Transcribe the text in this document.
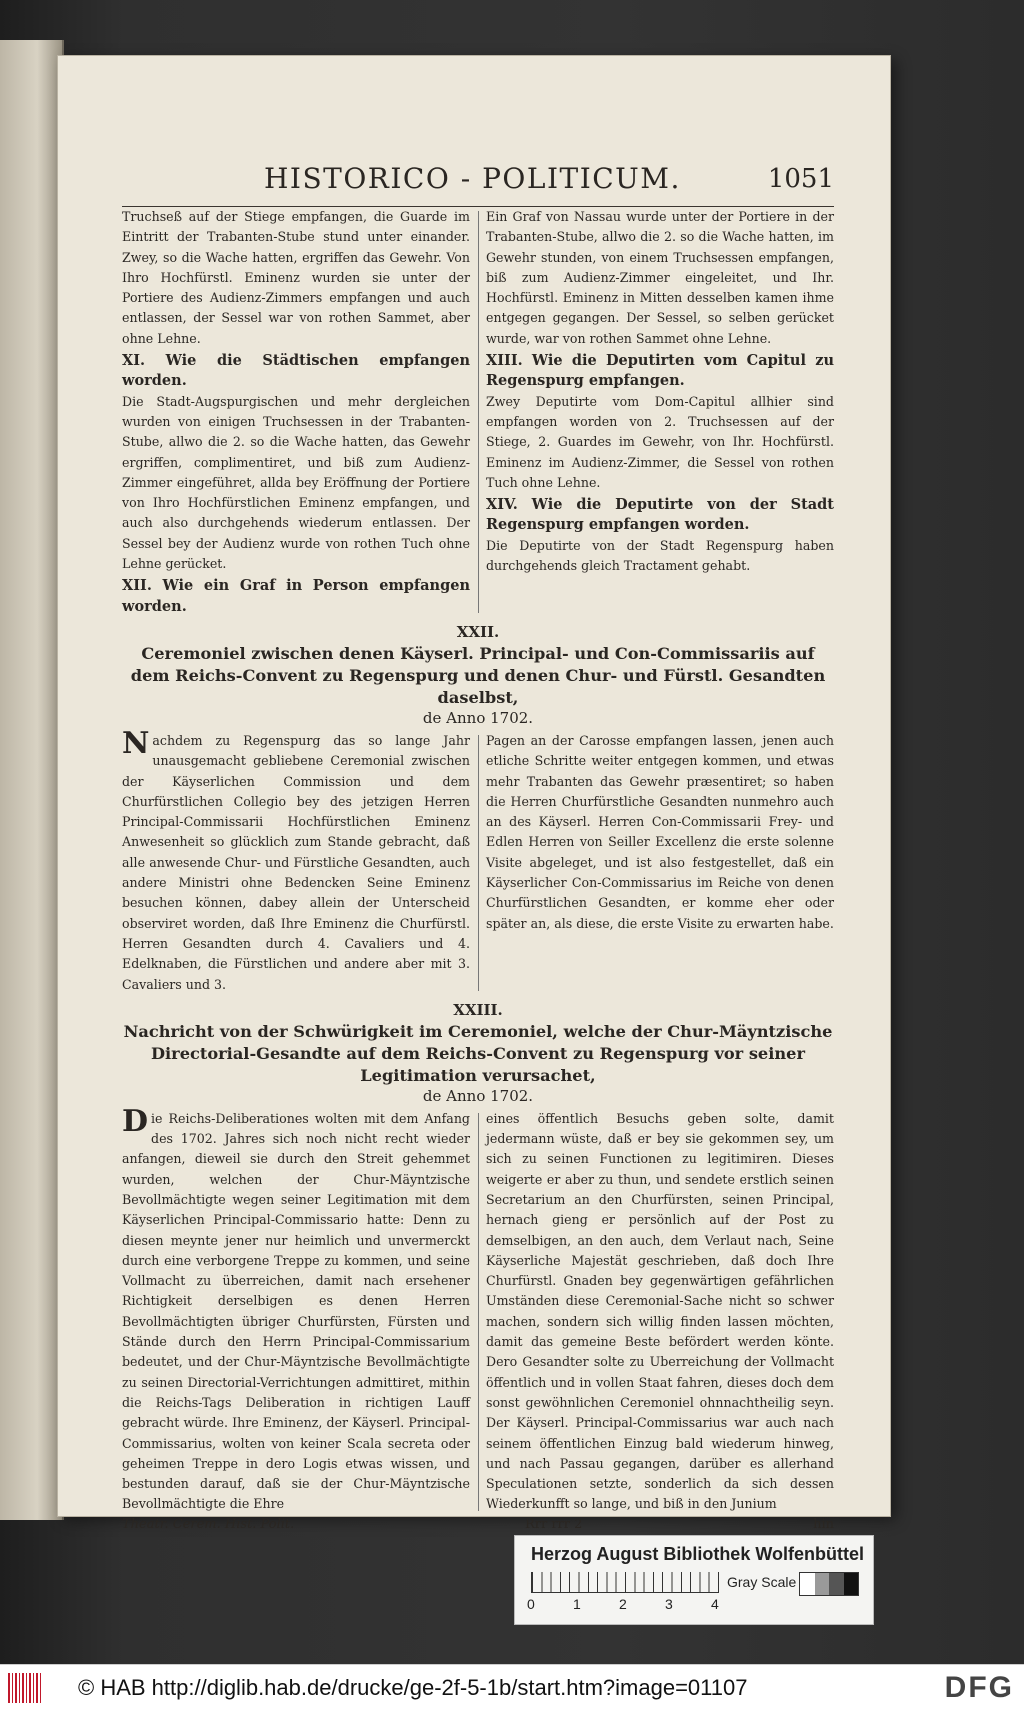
HISTORICO - POLITICUM.	1051

Truchseß auf der Stiege empfangen, die Guarde im Eintritt der Trabanten-Stube stund unter einander. Zwey, so die Wache hatten, ergriffen das Gewehr. Von Ihro Hochfürstl. Eminenz wurden sie unter der Portiere des Audienz-Zimmers empfangen und auch entlassen, der Sessel war von rothen Sammet, aber ohne Lehne.

XI. Wie die Städtischen empfangen worden.

Die Stadt-Augspurgischen und mehr dergleichen wurden von einigen Truchsessen in der Trabanten-Stube, allwo die 2. so die Wache hatten, das Gewehr ergriffen, complimentiret, und biß zum Audienz-Zimmer eingeführet, allda bey Eröffnung der Portiere von Ihro Hochfürstlichen Eminenz empfangen, und auch also durchgehends wiederum entlassen. Der Sessel bey der Audienz wurde von rothen Tuch ohne Lehne gerücket.

XII. Wie ein Graf in Person empfangen worden.

Ein Graf von Nassau wurde unter der Portiere in der Trabanten-Stube, allwo die 2. so die Wache hatten, im Gewehr stunden, von einem Truchsessen empfangen, biß zum Audienz-Zimmer eingeleitet, und Ihr. Hochfürstl. Eminenz in Mitten desselben kamen ihme entgegen gegangen. Der Sessel, so selben gerücket wurde, war von rothen Sammet ohne Lehne.

XIII. Wie die Deputirten vom Capitul zu Regenspurg empfangen.

Zwey Deputirte vom Dom-Capitul allhier sind empfangen worden von 2. Truchsessen auf der Stiege, 2. Guardes im Gewehr, von Ihr. Hochfürstl. Eminenz im Audienz-Zimmer, die Sessel von rothen Tuch ohne Lehne.

XIV. Wie die Deputirte von der Stadt Regenspurg empfangen worden.

Die Deputirte von der Stadt Regenspurg haben durchgehends gleich Tractament gehabt.

XXII.
Ceremoniel zwischen denen Käyserl. Principal- und Con-Commissariis auf dem Reichs-Convent zu Regenspurg und denen Chur- und Fürstl. Gesandten daselbst,
de Anno 1702.

Nachdem zu Regenspurg das so lange Jahr unausgemacht gebliebene Ceremonial zwischen der Käyserlichen Commission und dem Churfürstlichen Collegio bey des jetzigen Herren Principal-Commissarii Hochfürstlichen Eminenz Anwesenheit so glücklich zum Stande gebracht, daß alle anwesende Chur- und Fürstliche Gesandten, auch andere Ministri ohne Bedencken Seine Eminenz besuchen können, dabey allein der Unterscheid observiret worden, daß Ihre Eminenz die Churfürstl. Herren Gesandten durch 4. Cavaliers und 4. Edelknaben, die Fürstlichen und andere aber mit 3. Cavaliers und 3.

Pagen an der Carosse empfangen lassen, jenen auch etliche Schritte weiter entgegen kommen, und etwas mehr Trabanten das Gewehr præsentiret; so haben die Herren Churfürstliche Gesandten nunmehro auch an des Käyserl. Herren Con-Commissarii Frey- und Edlen Herren von Seiller Excellenz die erste solenne Visite abgeleget, und ist also festgestellet, daß ein Käyserlicher Con-Commissarius im Reiche von denen Churfürstlichen Gesandten, er komme eher oder später an, als diese, die erste Visite zu erwarten habe.

XXIII.
Nachricht von der Schwürigkeit im Ceremoniel, welche der Chur-Mäyntzische Directorial-Gesandte auf dem Reichs-Convent zu Regenspurg vor seiner Legitimation verursachet,
de Anno 1702.

Die Reichs-Deliberationes wolten mit dem Anfang des 1702. Jahres sich noch nicht recht wieder anfangen, dieweil sie durch den Streit gehemmet wurden, welchen der Chur-Mäyntzische Bevollmächtigte wegen seiner Legitimation mit dem Käyserlichen Principal-Commissario hatte: Denn zu diesen meynte jener nur heimlich und unvermerckt durch eine verborgene Treppe zu kommen, und seine Vollmacht zu überreichen, damit nach ersehener Richtigkeit derselbigen es denen Herren Bevollmächtigten übriger Churfürsten, Fürsten und Stände durch den Herrn Principal-Commissarium bedeutet, und der Chur-Mäyntzische Bevollmächtigte zu seinen Directorial-Verrichtungen admittiret, mithin die Reichs-Tags Deliberation in richtigen Lauff gebracht würde. Ihre Eminenz, der Käyserl. Principal-Commissarius, wolten von keiner Scala secreta oder geheimen Treppe in dero Logis etwas wissen, und bestunden darauf, daß sie der Chur-Mäyntzische Bevollmächtigte die Ehre

eines öffentlich Besuchs geben solte, damit jedermann wüste, daß er bey sie gekommen sey, um sich zu seinen Functionen zu legitimiren. Dieses weigerte er aber zu thun, und sendete erstlich seinen Secretarium an den Churfürsten, seinen Principal, hernach gieng er persönlich auf der Post zu demselbigen, an den auch, dem Verlaut nach, Seine Käyserliche Majestät geschrieben, daß doch Ihre Churfürstl. Gnaden bey gegenwärtigen gefährlichen Umständen diese Ceremonial-Sache nicht so schwer machen, sondern sich willig finden lassen möchten, damit das gemeine Beste befördert werden könte. Dero Gesandter solte zu Uberreichung der Vollmacht öffentlich und in vollen Staat fahren, dieses doch dem sonst gewöhnlichen Ceremoniel ohnnachtheilig seyn. Der Käyserl. Principal-Commissarius war auch nach seinem öffentlichen Einzug bald wiederum hinweg, und nach Passau gegangen, darüber es allerhand Speculationen setzte, sonderlich da sich dessen Wiederkunfft so lange, und biß in den Junium

Theatr. Cerem. Hist. Polit.	Rrr rrr 2	hin
Herzog August Bibliothek Wolfenbüttel
0	1	2	3	4
Gray Scale
© HAB http://diglib.hab.de/drucke/ge-2f-5-1b/start.htm?image=01107	DFG
